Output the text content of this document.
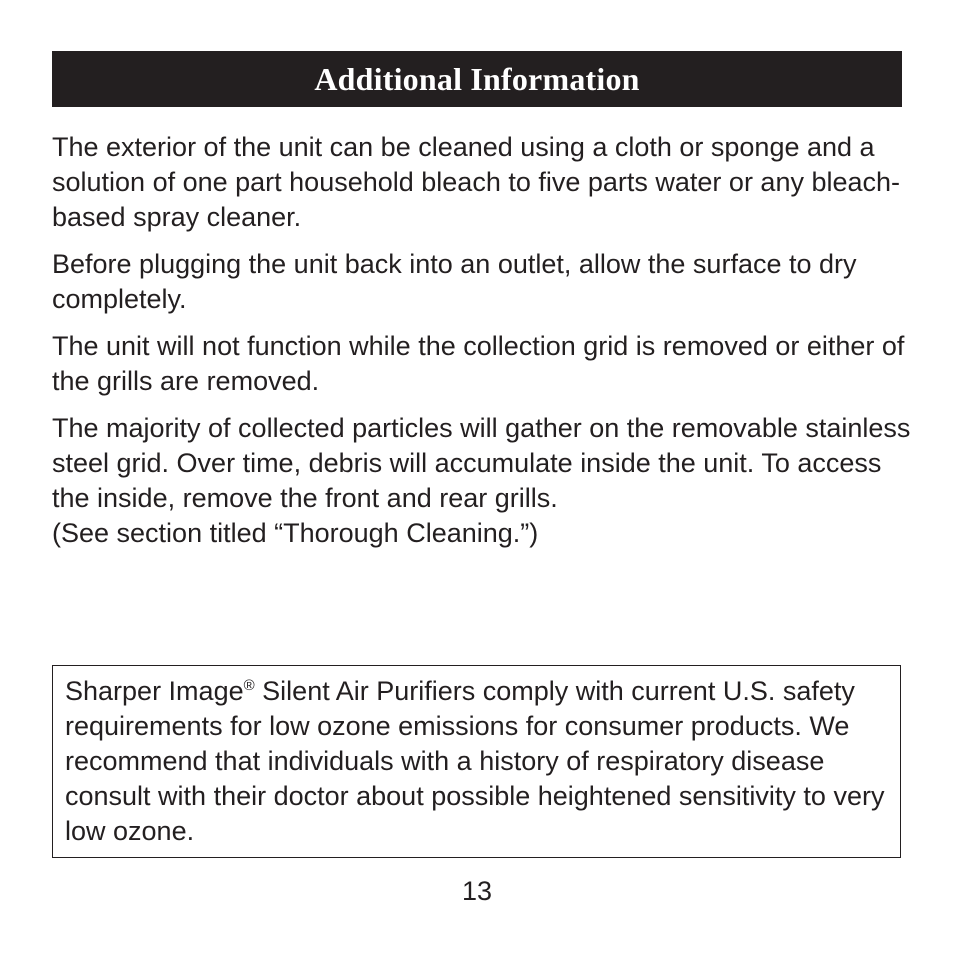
Additional Information

The exterior of the unit can be cleaned using a cloth or sponge and a solution of one part household bleach to five parts water or any bleach-based spray cleaner.

Before plugging the unit back into an outlet, allow the surface to dry completely.

The unit will not function while the collection grid is removed or either of the grills are removed.

The majority of collected particles will gather on the removable stainless steel grid. Over time, debris will accumulate inside the unit. To access the inside, remove the front and rear grills.
(See section titled “Thorough Cleaning.”)

Sharper Image® Silent Air Purifiers comply with current U.S. safety requirements for low ozone emissions for consumer products. We recommend that individuals with a history of respiratory disease consult with their doctor about possible heightened sensitivity to very low ozone.

13
